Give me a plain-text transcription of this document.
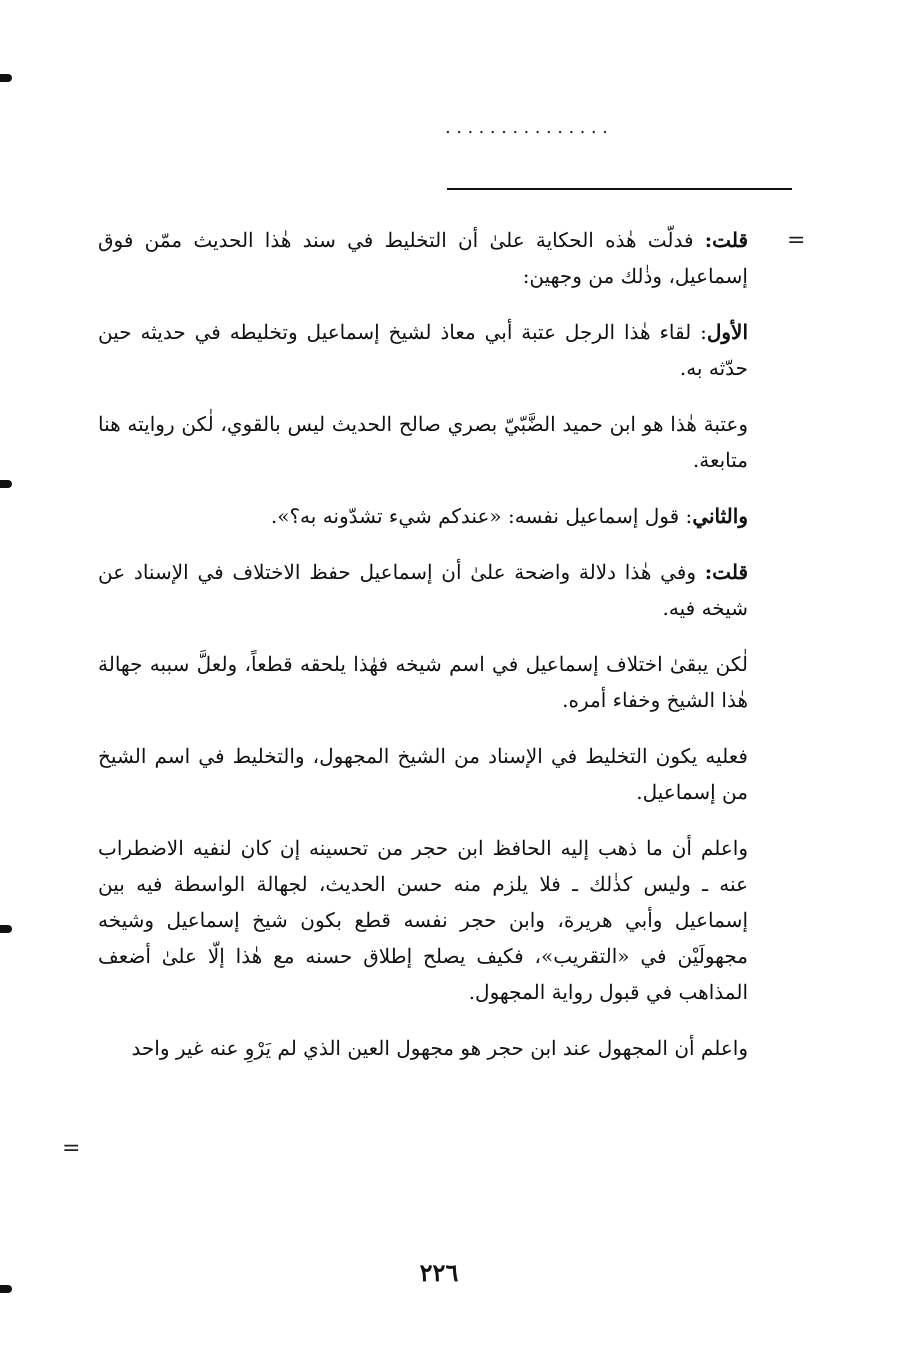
...............
=
=

قلت: فدلّت هٰذه الحكاية علىٰ أن التخليط في سند هٰذا الحديث ممّن فوق إسماعيل، وذٰلك من وجهين:

الأول: لقاء هٰذا الرجل عتبة أبي معاذ لشيخ إسماعيل وتخليطه في حديثه حين حدّثه به.

وعتبة هٰذا هو ابن حميد الضَّبّيّ بصري صالح الحديث ليس بالقوي، لٰكن روايته هنا متابعة.

والثاني: قول إسماعيل نفسه: «عندكم شيء تشدّونه به؟».

قلت: وفي هٰذا دلالة واضحة علىٰ أن إسماعيل حفظ الاختلاف في الإسناد عن شيخه فيه.

لٰكن يبقىٰ اختلاف إسماعيل في اسم شيخه فهٰذا يلحقه قطعاً، ولعلَّ سببه جهالة هٰذا الشيخ وخفاء أمره.

فعليه يكون التخليط في الإسناد من الشيخ المجهول، والتخليط في اسم الشيخ من إسماعيل.

واعلم أن ما ذهب إليه الحافظ ابن حجر من تحسينه إن كان لنفيه الاضطراب عنه ـ وليس كذٰلك ـ فلا يلزم منه حسن الحديث، لجهالة الواسطة فيه بين إسماعيل وأبي هريرة، وابن حجر نفسه قطع بكون شيخ إسماعيل وشيخه مجهولَيْن في «التقريب»، فكيف يصلح إطلاق حسنه مع هٰذا إلّا علىٰ أضعف المذاهب في قبول رواية المجهول.

واعلم أن المجهول عند ابن حجر هو مجهول العين الذي لم يَرْوِ عنه غير واحد

٢٢٦
